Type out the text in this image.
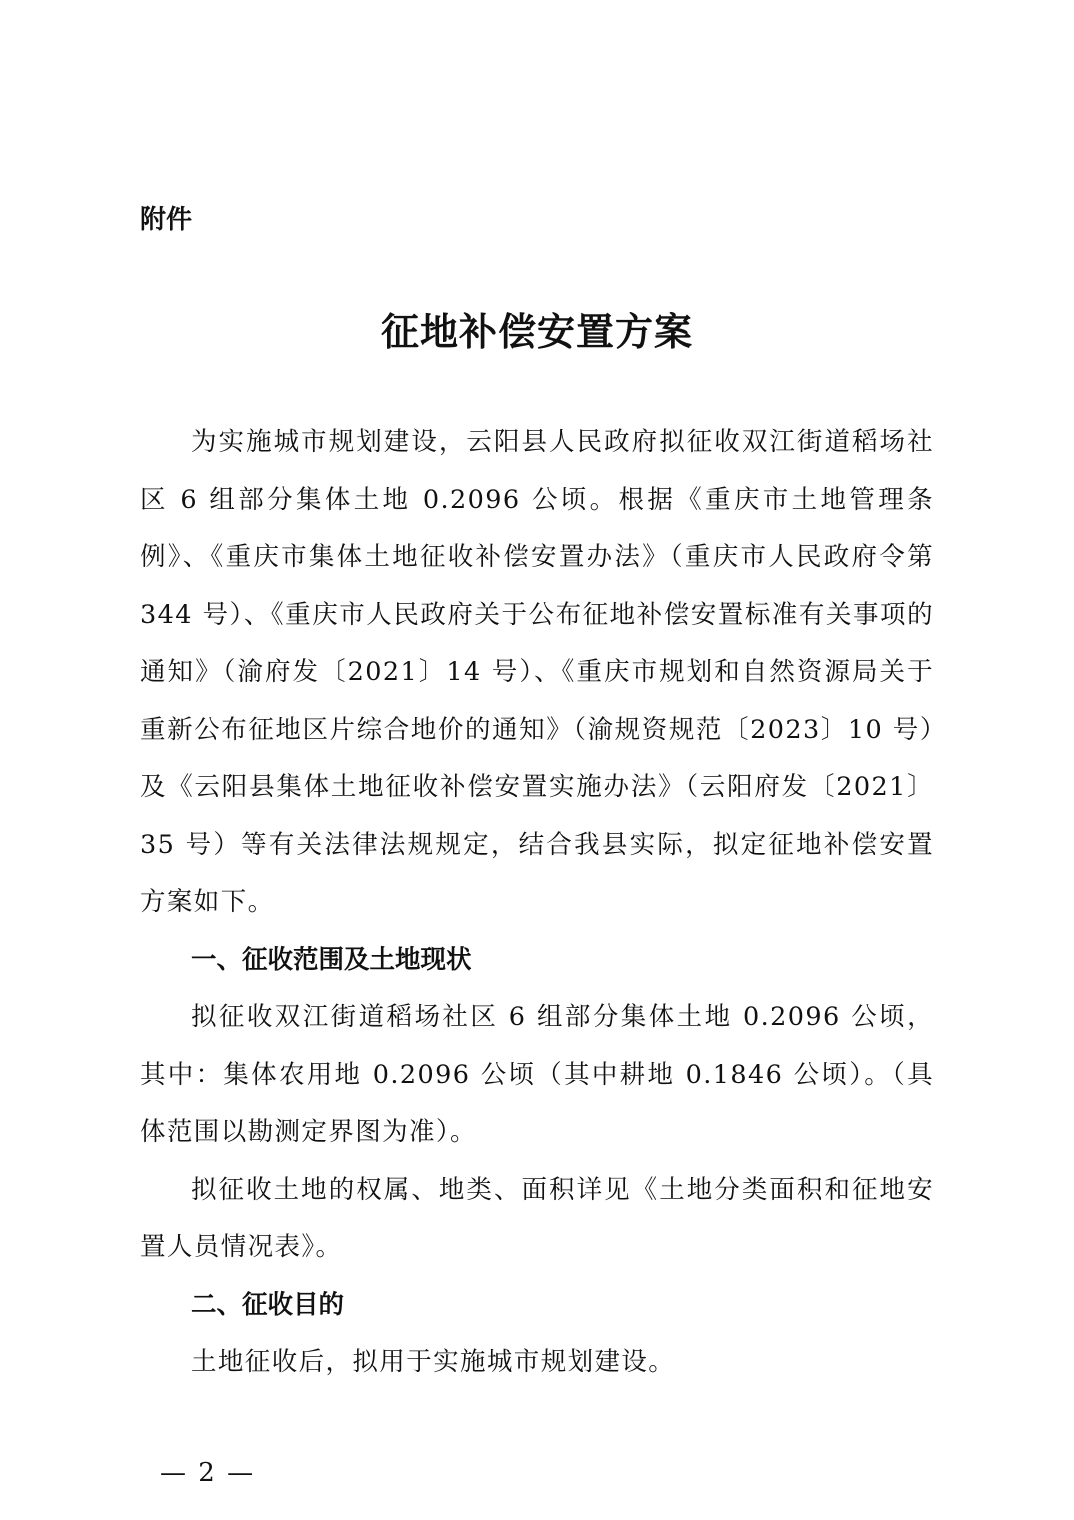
附件
征地补偿安置方案

为实施城市规划建设，云阳县人民政府拟征收双江街道稻场社区 6 组部分集体土地 0.2096 公顷。根据《重庆市土地管理条例》、《重庆市集体土地征收补偿安置办法》（重庆市人民政府令第 344 号）、《重庆市人民政府关于公布征地补偿安置标准有关事项的通知》（渝府发〔2021〕14 号）、《重庆市规划和自然资源局关于重新公布征地区片综合地价的通知》（渝规资规范〔2023〕10 号）及《云阳县集体土地征收补偿安置实施办法》（云阳府发〔2021〕35 号）等有关法律法规规定，结合我县实际，拟定征地补偿安置方案如下。

一、征收范围及土地现状

拟征收双江街道稻场社区 6 组部分集体土地 0.2096 公顷，其中：集体农用地 0.2096 公顷（其中耕地 0.1846 公顷）。（具体范围以勘测定界图为准）。

拟征收土地的权属、地类、面积详见《土地分类面积和征地安置人员情况表》。

二、征收目的

土地征收后，拟用于实施城市规划建设。

— 2 —
